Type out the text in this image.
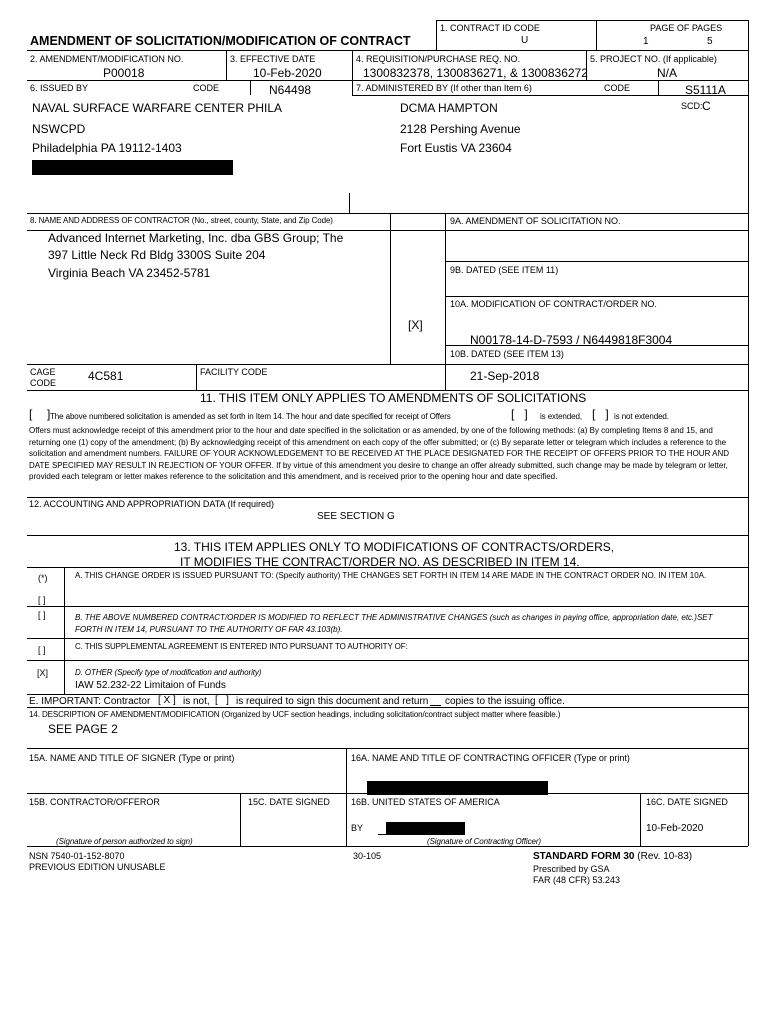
1. CONTRACT ID CODE
U
PAGE OF PAGES
1	5
AMENDMENT OF SOLICITATION/MODIFICATION OF CONTRACT
2. AMENDMENT/MODIFICATION NO.
P00018
3. EFFECTIVE DATE
10-Feb-2020
4. REQUISITION/PURCHASE REQ. NO.
1300832378, 1300836271, & 1300836272
5. PROJECT NO. (If applicable)
N/A
6. ISSUED BY	CODE	N64498	7. ADMINISTERED BY (If other than Item 6)	CODE	S5111A
SCD: C
NAVAL SURFACE WARFARE CENTER PHILA
NSWCPD
Philadelphia PA 19112-1403
DCMA HAMPTON
2128 Pershing Avenue
Fort Eustis VA 23604
8. NAME AND ADDRESS OF CONTRACTOR (No., street, county, State, and Zip Code)
Advanced Internet Marketing, Inc. dba GBS Group; The
397 Little Neck Rd Bldg 3300S Suite 204
Virginia Beach VA 23452-5781
[X]
CAGE CODE	4C581	FACILITY CODE
9A. AMENDMENT OF SOLICITATION NO.
9B. DATED (SEE ITEM 11)
10A. MODIFICATION OF CONTRACT/ORDER NO.
N00178-14-D-7593 / N6449818F3004
10B. DATED (SEE ITEM 13)
21-Sep-2018
11. THIS ITEM ONLY APPLIES TO AMENDMENTS OF SOLICITATIONS
[ ] The above numbered solicitation is amended as set forth in Item 14. The hour and date specified for receipt of Offers	[   ] is extended, [   ] is not extended.
Offers must acknowledge receipt of this amendment prior to the hour and date specified in the solicitation or as amended, by one of the following methods: (a) By completing Items 8 and 15, and returning one (1) copy of the amendment; (b) By acknowledging receipt of this amendment on each copy of the offer submitted; or (c) By separate letter or telegram which includes a reference to the solicitation and amendment numbers. FAILURE OF YOUR ACKNOWLEDGEMENT TO BE RECEIVED AT THE PLACE DESIGNATED FOR THE RECEIPT OF OFFERS PRIOR TO THE HOUR AND DATE SPECIFIED MAY RESULT IN REJECTION OF YOUR OFFER. If by virtue of this amendment you desire to change an offer already submitted, such change may be made by telegram or letter, provided each telegram or letter makes reference to the solicitation and this amendment, and is received prior to the opening hour and date specified.
12. ACCOUNTING AND APPROPRIATION DATA (If required)
SEE SECTION G
13. THIS ITEM APPLIES ONLY TO MODIFICATIONS OF CONTRACTS/ORDERS,
IT MODIFIES THE CONTRACT/ORDER NO. AS DESCRIBED IN ITEM 14.
(*)
[ ]
A. THIS CHANGE ORDER IS ISSUED PURSUANT TO: (Specify authority) THE CHANGES SET FORTH IN ITEM 14 ARE MADE IN THE CONTRACT ORDER NO. IN ITEM 10A.
[ ]	B. THE ABOVE NUMBERED CONTRACT/ORDER IS MODIFIED TO REFLECT THE ADMINISTRATIVE CHANGES (such as changes in paying office, appropriation date, etc.)SET FORTH IN ITEM 14, PURSUANT TO THE AUTHORITY OF FAR 43.103(b).
[ ]	C. THIS SUPPLEMENTAL AGREEMENT IS ENTERED INTO PURSUANT TO AUTHORITY OF:
[X]	D. OTHER (Specify type of modification and authority)
IAW 52.232-22 Limitaion of Funds
E. IMPORTANT: Contractor [ X ] is not, [   ] is required to sign this document and return copies to the issuing office.
14. DESCRIPTION OF AMENDMENT/MODIFICATION (Organized by UCF section headings, including solicitation/contract subject matter where feasible.)
SEE PAGE 2
15A. NAME AND TITLE OF SIGNER (Type or print)	16A. NAME AND TITLE OF CONTRACTING OFFICER (Type or print)
15B. CONTRACTOR/OFFEROR	15C. DATE SIGNED 16B. UNITED STATES OF AMERICA	16C. DATE SIGNED
BY	10-Feb-2020
(Signature of person authorized to sign)	(Signature of Contracting Officer)
NSN 7540-01-152-8070
PREVIOUS EDITION UNUSABLE
30-105	STANDARD FORM 30 (Rev. 10-83)
Prescribed by GSA
FAR (48 CFR) 53.243
